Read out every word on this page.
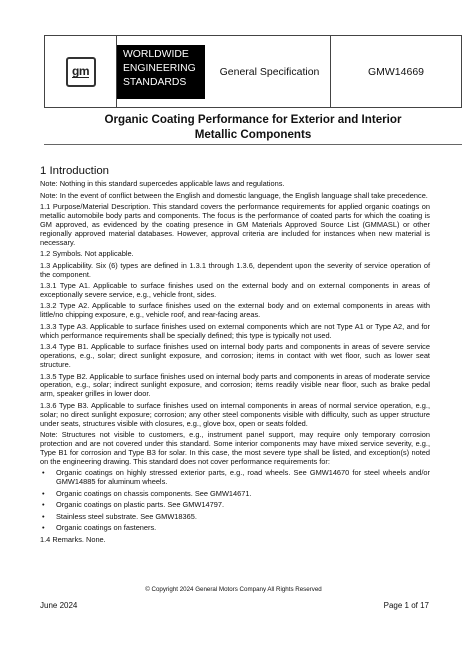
gm
WORLDWIDE
ENGINEERING
STANDARDS
General Specification	GMW14669
Organic Coating Performance for Exterior and Interior
Metallic Components
1 Introduction

Note: Nothing in this standard supercedes applicable laws and regulations.

Note: In the event of conflict between the English and domestic language, the English language shall take precedence.

1.1 Purpose/Material Description. This standard covers the performance requirements for applied organic coatings on metallic automobile body parts and components. The focus is the performance of coated parts for which the coating is GM approved, as evidenced by the coating presence in GM Materials Approved Source List (GMMASL) or other regionally approved material databases. However, approval criteria are included for instances when new material is necessary.

1.2 Symbols. Not applicable.

1.3 Applicability. Six (6) types are defined in 1.3.1 through 1.3.6, dependent upon the severity of service operation of the component.

1.3.1 Type A1. Applicable to surface finishes used on the external body and on external components in areas of exceptionally severe service, e.g., vehicle front, sides.

1.3.2 Type A2. Applicable to surface finishes used on the external body and on external components in areas with little/no chipping exposure, e.g., vehicle roof, and rear-facing areas.

1.3.3 Type A3. Applicable to surface finishes used on external components which are not Type A1 or Type A2, and for which performance requirements shall be specially defined; this type is typically not used.

1.3.4 Type B1. Applicable to surface finishes used on internal body parts and components in areas of severe service operations, e.g., solar; direct sunlight exposure, and corrosion; items in contact with wet floor, such as lower seat structure.

1.3.5 Type B2. Applicable to surface finishes used on internal body parts and components in areas of moderate service operation, e.g., solar; indirect sunlight exposure, and corrosion; items readily visible near floor, such as brake pedal arm, speaker grilles in lower door.

1.3.6 Type B3. Applicable to surface finishes used on internal components in areas of normal service operation, e.g., solar; no direct sunlight exposure; corrosion; any other steel components visible with difficulty, such as upper structure under seats, structures visible with closures, e.g., glove box, open or seats folded.

Note: Structures not visible to customers, e.g., instrument panel support, may require only temporary corrosion protection and are not covered under this standard. Some interior components may have mixed service severity, e.g., Type B1 for corrosion and Type B3 for solar. In this case, the most severe type shall be listed, and exception(s) noted on the engineering drawing. This standard does not cover performance requirements for:

• Organic coatings on highly stressed exterior parts, e.g., road wheels. See GMW14670 for steel wheels and/or GMW14885 for aluminum wheels.
• Organic coatings on chassis components. See GMW14671.
• Organic coatings on plastic parts. See GMW14797.
• Stainless steel substrate. See GMW18365.
• Organic coatings on fasteners.

1.4 Remarks. None.

© Copyright 2024 General Motors Company All Rights Reserved
June 2024	Page 1 of 17
